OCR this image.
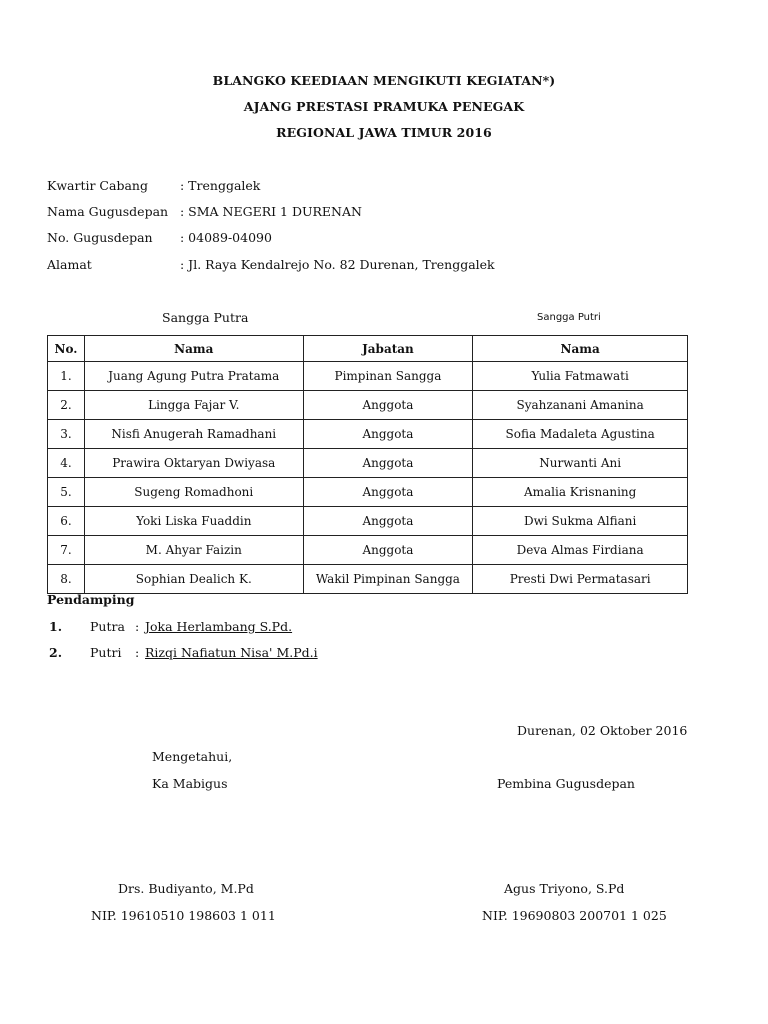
BLANGKO KEEDIAAN MENGIKUTI KEGIATAN*)
AJANG PRESTASI PRAMUKA PENEGAK
REGIONAL JAWA TIMUR 2016
Kwartir Cabang	: Trenggalek
Nama Gugusdepan : SMA NEGERI 1 DURENAN
No. Gugusdepan : 04089-04090
Alamat	: Jl. Raya Kendalrejo No. 82 Durenan, Trenggalek
Sangga Putra	Sangga Putri
No.	Nama	Jabatan	Nama
1.	Juang Agung Putra Pratama	Pimpinan Sangga	Yulia Fatmawati
2.	Lingga Fajar V.	Anggota	Syahzanani Amanina
3.	Nisfi Anugerah Ramadhani	Anggota	Sofia Madaleta Agustina
4.	Prawira Oktaryan Dwiyasa	Anggota	Nurwanti Ani
5.	Sugeng Romadhoni	Anggota	Amalia Krisnaning
6.	Yoki Liska Fuaddin	Anggota	Dwi Sukma Alfiani
7.	M. Ahyar Faizin	Anggota	Deva Almas Firdiana
8.	Sophian Dealich K.	Wakil Pimpinan Sangga	Presti Dwi Permatasari
Pendamping
1. Putra : Joka Herlambang S.Pd.
2. Putri : Rizqi Nafiatun Nisa' M.Pd.i
Durenan, 02 Oktober 2016
Mengetahui,
Ka Mabigus	Pembina Gugusdepan
Drs. Budiyanto, M.Pd	Agus Triyono, S.Pd
NIP. 19610510 198603 1 011	NIP. 19690803 200701 1 025
